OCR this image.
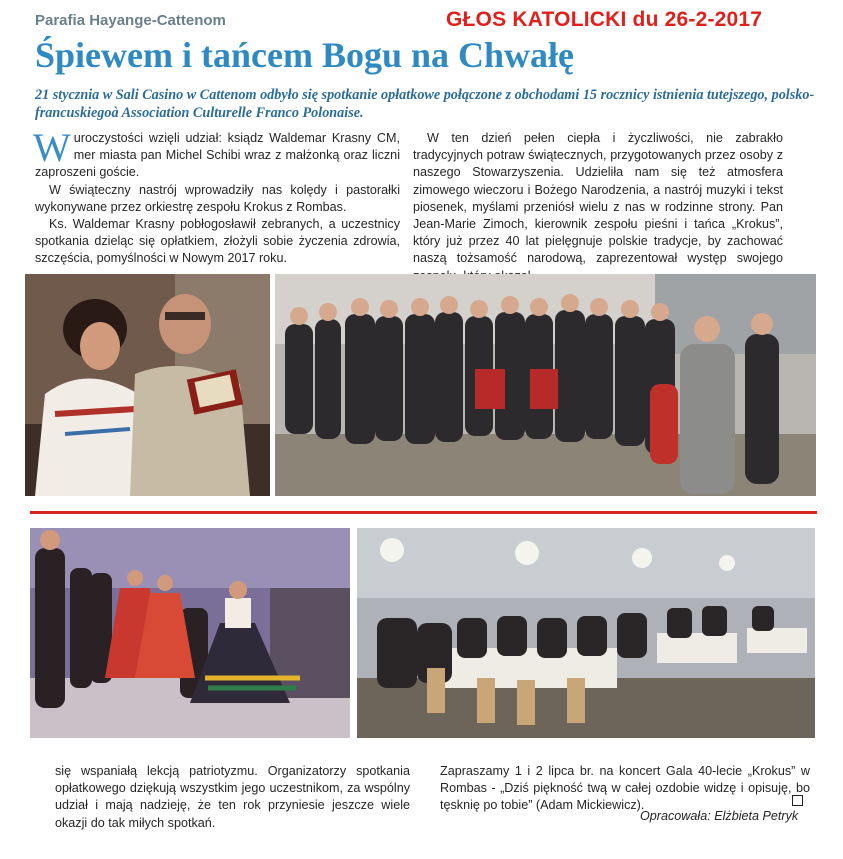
Parafia Hayange-Cattenom	GŁOS KATOLICKI du 26-2-2017
Śpiewem i tańcem Bogu na Chwałę
21 stycznia w Sali Casino w Cattenom odbyło się spotkanie opłatkowe połączone z obchodami 15 rocznicy istnienia tutejszego, polsko-francuskiegoà Association Culturelle Franco Polonaise.

Wuroczystości wzięli udział: ksiądz Waldemar Krasny CM, mer miasta pan Michel Schibi wraz z małżonką oraz liczni zaproszeni goście.

W świąteczny nastrój wprowadziły nas kolędy i pastorałki wykonywane przez orkiestrę zespołu Krokus z Rombas.

Ks. Waldemar Krasny pobłogosławił zebranych, a uczestnicy spotkania dzieląc się opłatkiem, złożyli sobie życzenia zdrowia, szczęścia, pomyślności w Nowym 2017 roku.

W ten dzień pełen ciepła i życzliwości, nie zabrakło tradycyjnych potraw świątecznych, przygotowanych przez osoby z naszego Stowarzyszenia. Udzieliła nam się też atmosfera zimowego wieczoru i Bożego Narodzenia, a nastrój muzyki i tekst piosenek, myślami przeniósł wielu z nas w rodzinne strony. Pan Jean-Marie Zimoch, kierownik zespołu pieśni i tańca „Krokus”, który już przez 40 lat pielęgnuje polskie tradycje, by zachować naszą tożsamość narodową, zaprezentował występ swojego

się wspaniałą lekcją patriotyzmu. Organizatorzy spotkania opłatkowego dziękują wszystkim jego uczestnikom, za wspólny udział i mają nadzieję, że ten rok przyniesie jeszcze wiele okazji do tak miłych spotkań.

Zapraszamy 1 i 2 lipca br. na koncert Gala 40-lecie „Krokus” w Rombas - „Dziś piękność twą w całej ozdobie widzę i opisuję, bo tęsknię po tobie” (Adam Mickiewicz).

Opracowała: Elżbieta Petryk
